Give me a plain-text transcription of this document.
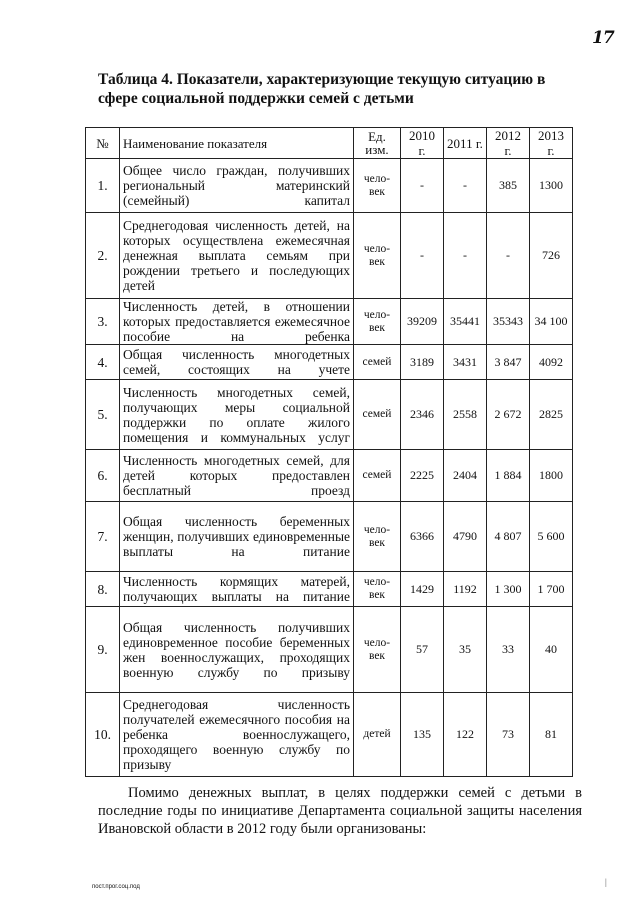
17
Таблица 4. Показатели, характеризующие текущую ситуацию в сфере социальной поддержки семей с детьми
№	Наименование показателя	Ед. изм.	2010 г.	2011 г.	2012 г.	2013 г.
1.	Общее число граждан, получивших региональный материнский (семейный) капитал	чело-век	-	-	385	1300
2.	Среднегодовая численность детей, на которых осуществлена ежемесячная денежная выплата семьям при рождении третьего и последующих детей	чело-век	-	-	-	726
3.	Численность детей, в отношении которых предоставляется ежемесячное пособие на ребенка	чело-век	39209	35441	35343	34 100
4.	Общая численность многодетных семей, состоящих на учете	семей	3189	3431	3 847	4092
5.	Численность многодетных семей, получающих меры социальной поддержки по оплате жилого помещения и коммунальных услуг	семей	2346	2558	2 672	2825
6.	Численность многодетных семей, для детей которых предоставлен бесплатный проезд	семей	2225	2404	1 884	1800
7.	Общая численность беременных женщин, получивших единовременные выплаты на питание	чело-век	6366	4790	4 807	5 600
8.	Численность кормящих матерей, получающих выплаты на питание	чело-век	1429	1192	1 300	1 700
9.	Общая численность получивших единовременное пособие беременных жен военнослужащих, проходящих военную службу по призыву	чело-век	57	35	33	40
10.	Среднегодовая численность получателей ежемесячного пособия на ребенка военнослужащего, проходящего военную службу по призыву	детей	135	122	73	81
Помимо денежных выплат, в целях поддержки семей с детьми в последние годы по инициативе Департамента социальной защиты населения Ивановской области в 2012 году были организованы:
пост.прог.соц.под	|
